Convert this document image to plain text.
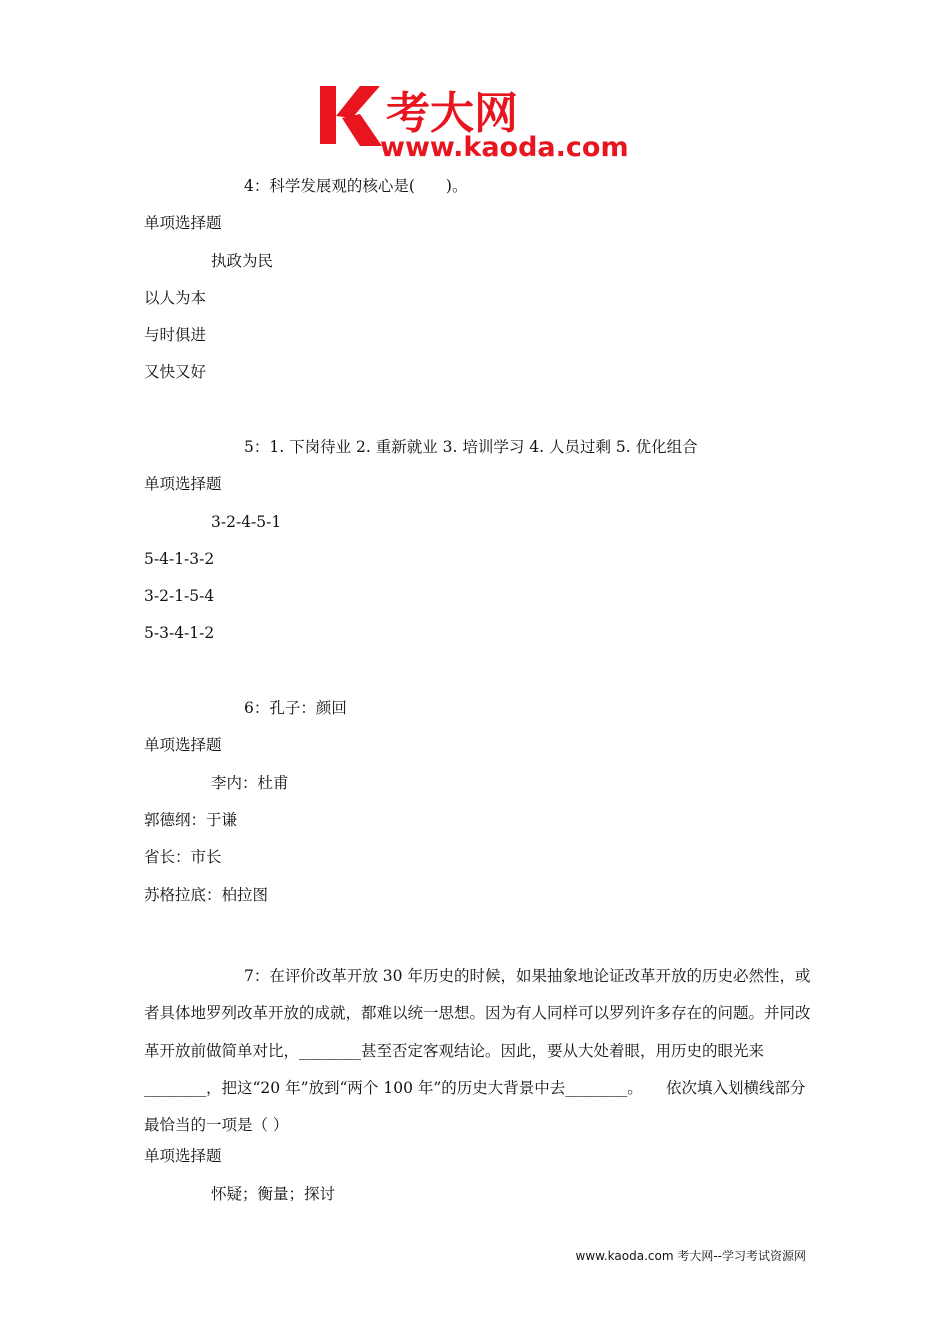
考大网
www.kaoda.com
4：科学发展观的核心是(　　)。
单项选择题
执政为民
以人为本
与时俱进
又快又好
5：1. 下岗待业 2. 重新就业 3. 培训学习 4. 人员过剩 5. 优化组合
单项选择题
3-2-4-5-1
5-4-1-3-2
3-2-1-5-4
5-3-4-1-2
6：孔子：颜回
单项选择题
李内：杜甫
郭德纲：于谦
省长：市长
苏格拉底：柏拉图
7：在评价改革开放 30 年历史的时候，如果抽象地论证改革开放的历史必然性，或者具体地罗列改革开放的成就，都难以统一思想。因为有人同样可以罗列许多存在的问题。并同改革开放前做简单对比，________甚至否定客观结论。因此，要从大处着眼，用历史的眼光来________，把这“20 年”放到“两个 100 年”的历史大背景中去________。　　依次填入划横线部分最恰当的一项是（ ）
单项选择题
怀疑；衡量；探讨
www.kaoda.com 考大网--学习考试资源网
